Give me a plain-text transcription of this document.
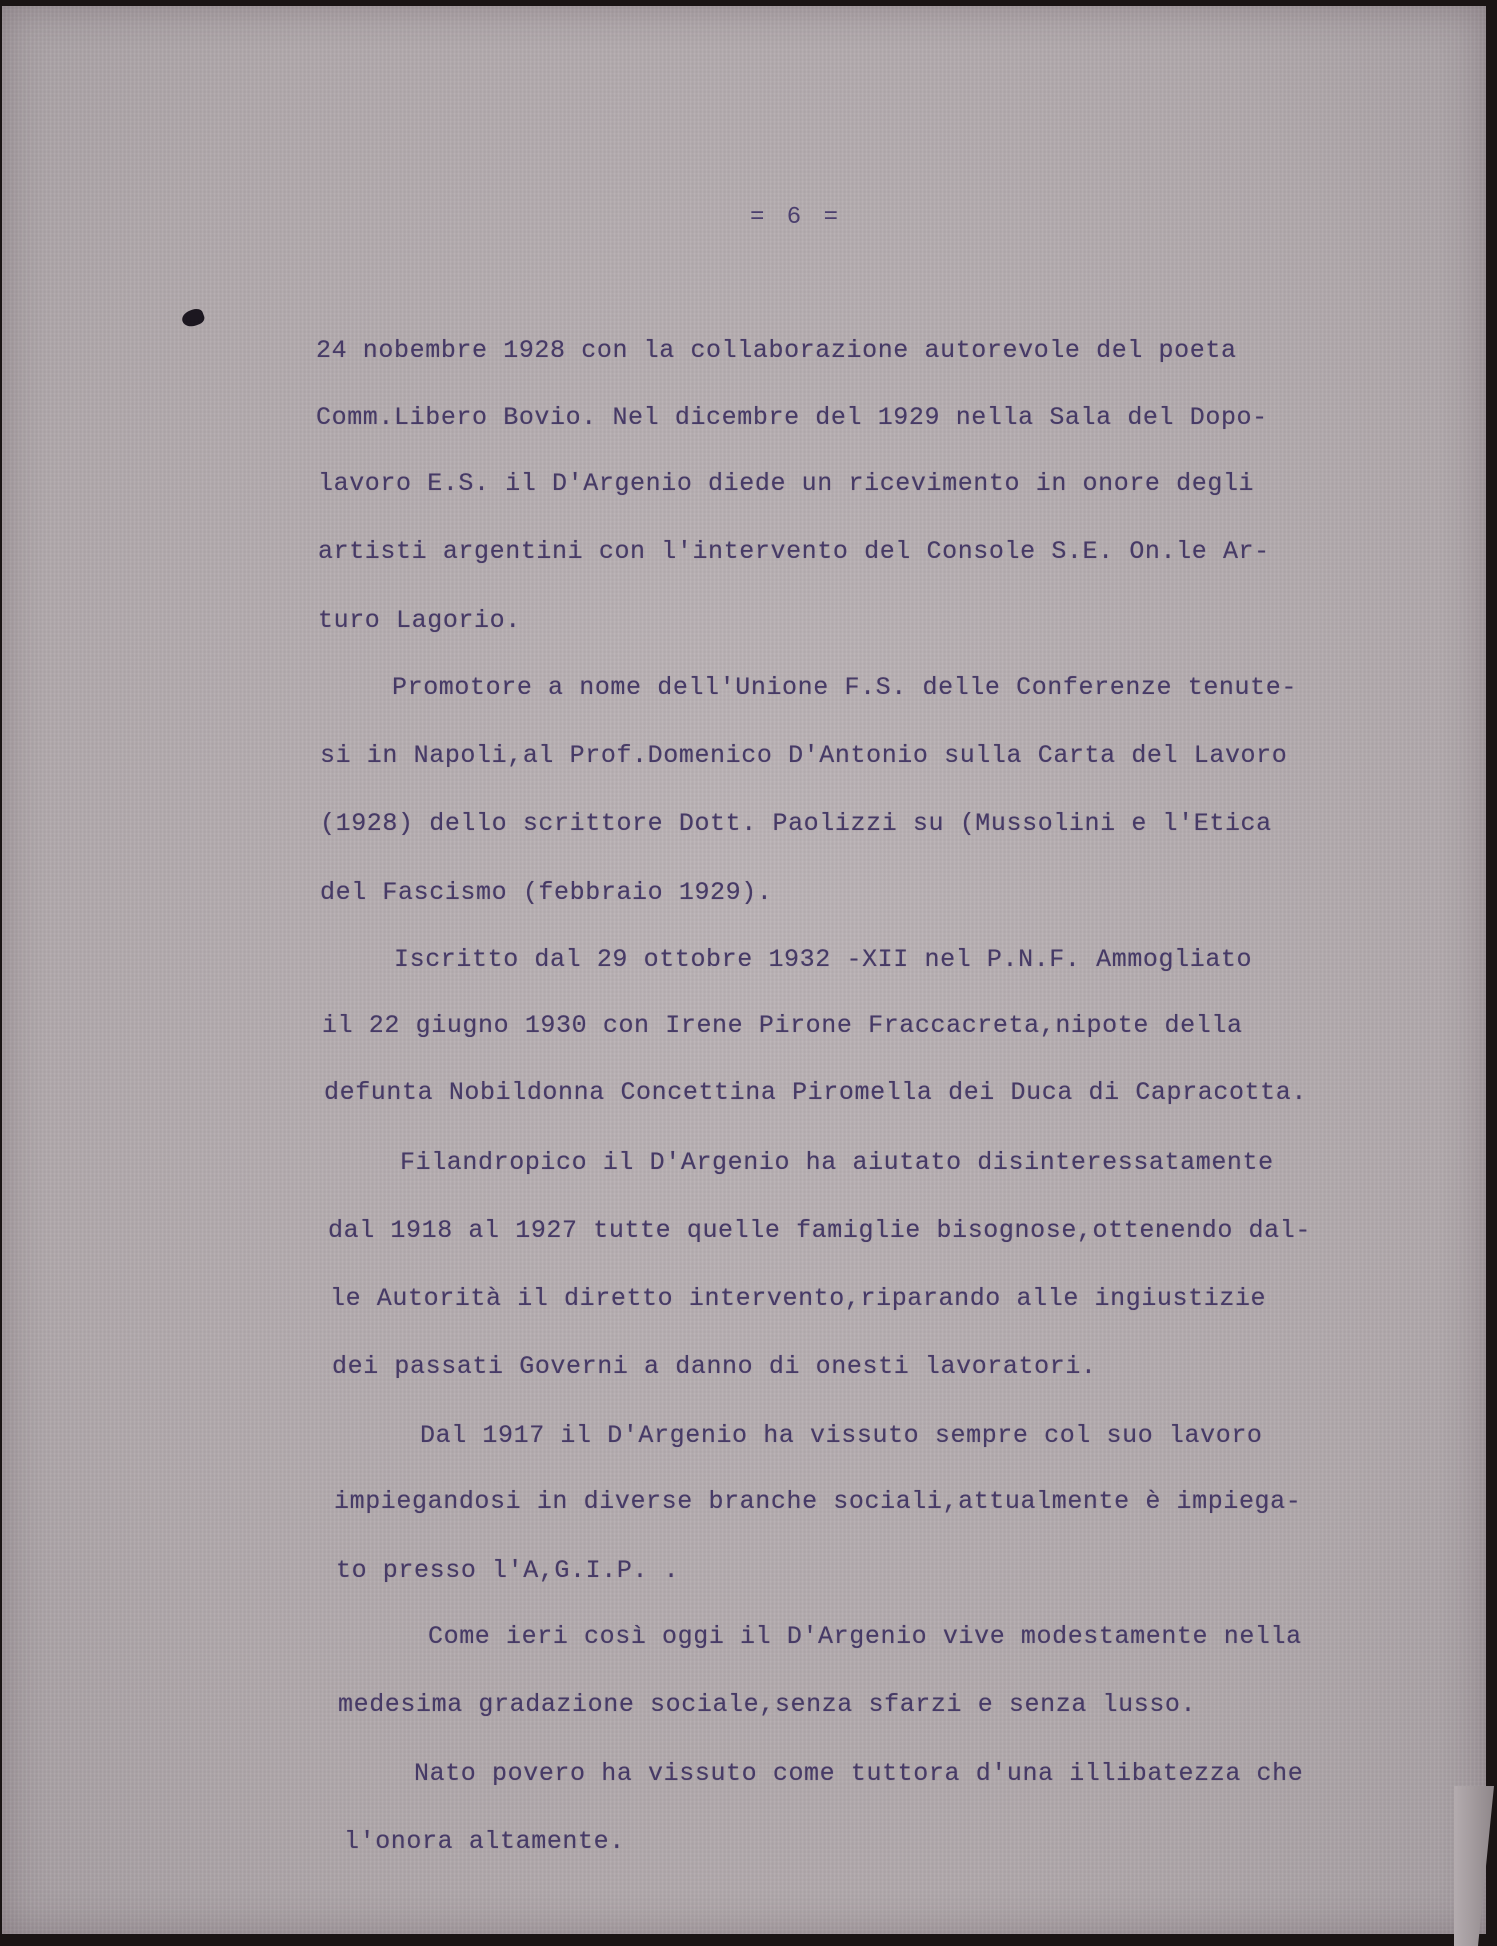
= 6 =
24 nobembre 1928 con la collaborazione autorevole del poeta
Comm.Libero Bovio. Nel dicembre del 1929 nella Sala del Dopo-
lavoro E.S. il D'Argenio diede un ricevimento in onore degli
artisti argentini con l'intervento del Console S.E. On.le Ar-
turo Lagorio.
Promotore a nome dell'Unione F.S. delle Conferenze tenute-
si in Napoli,al Prof.Domenico D'Antonio sulla Carta del Lavoro
(1928) dello scrittore Dott. Paolizzi su (Mussolini e l'Etica
del Fascismo (febbraio 1929).
Iscritto dal 29 ottobre 1932 -XII nel P.N.F. Ammogliato
il 22 giugno 1930 con Irene Pirone Fraccacreta,nipote della
defunta Nobildonna Concettina Piromella dei Duca di Capracotta.
Filandropico il D'Argenio ha aiutato disinteressatamente
dal 1918 al 1927 tutte quelle famiglie bisognose,ottenendo dal-
le Autorità il diretto intervento,riparando alle ingiustizie
dei passati Governi a danno di onesti lavoratori.
Dal 1917 il D'Argenio ha vissuto sempre col suo lavoro
impiegandosi in diverse branche sociali,attualmente è impiega-
to presso l'A,G.I.P. .
Come ieri così oggi il D'Argenio vive modestamente nella
medesima gradazione sociale,senza sfarzi e senza lusso.
Nato povero ha vissuto come tuttora d'una illibatezza che
l'onora altamente.
